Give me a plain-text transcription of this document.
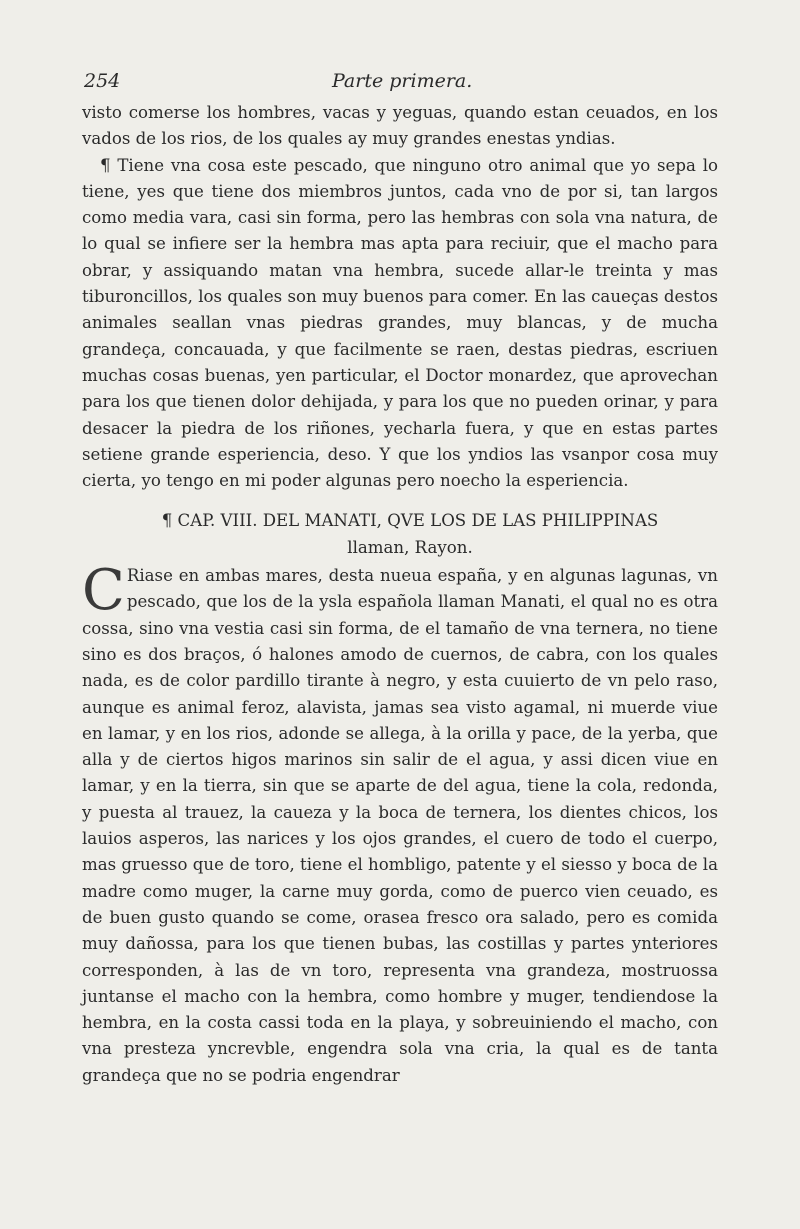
254	Parte primera.

visto comerse los hombres, vacas y yeguas, quando estan ceuados, en los vados de los rios, de los quales ay muy grandes enestas yndias.

¶ Tiene vna cosa este pescado, que ninguno otro animal que yo sepa lo tiene, yes que tiene dos miembros juntos, cada vno de por si, tan largos como media vara, casi sin forma, pero las hembras con sola vna natura, de lo qual se infiere ser la hembra mas apta para reciuir, que el macho para obrar, y assiquando matan vna hembra, sucede allar-le treinta y mas tiburoncillos, los quales son muy buenos para comer. En las caueças destos animales seallan vnas piedras grandes, muy blancas, y de mucha grandeça, concauada, y que facilmente se raen, destas piedras, escriuen muchas cosas buenas, yen particular, el Doctor monardez, que aprovechan para los que tienen dolor dehijada, y para los que no pueden orinar, y para desacer la piedra de los riñones, yecharla fuera, y que en estas partes setiene grande esperiencia, deso. Y que los yndios las vsanpor cosa muy cierta, yo tengo en mi poder algunas pero noecho la esperiencia.

¶ CAP. VIII. DEL MANATI, QVE LOS DE LAS PHILIPPINAS
llaman, Rayon.

C Riase en ambas mares, desta nueua españa, y en algunas lagunas, vn pescado, que los de la ysla española llaman Manati, el qual no es otra cossa, sino vna vestia casi sin forma, de el tamaño de vna ternera, no tiene sino es dos braços, ó halones amodo de cuernos, de cabra, con los quales nada, es de color pardillo tirante à negro, y esta cuuierto de vn pelo raso, aunque es animal feroz, alavista, jamas sea visto agamal, ni muerde viue en lamar, y en los rios, adonde se allega, à la orilla y pace, de la yerba, que alla y de ciertos higos marinos sin salir de el agua, y assi dicen viue en lamar, y en la tierra, sin que se aparte de del agua, tiene la cola, redonda, y puesta al trauez, la caueza y la boca de ternera, los dientes chicos, los lauios asperos, las narices y los ojos grandes, el cuero de todo el cuerpo, mas gruesso que de toro, tiene el hombligo, patente y el siesso y boca de la madre como muger, la carne muy gorda, como de puerco vien ceuado, es de buen gusto quando se come, orasea fresco ora salado, pero es comida muy dañossa, para los que tienen bubas, las costillas y partes ynteriores corresponden, à las de vn toro, representa vna grandeza, mostruossa juntanse el macho con la hembra, como hombre y muger, tendiendose la hembra, en la costa cassi toda en la playa, y sobreuiniendo el macho, con vna presteza yncrevble, engendra sola vna cria, la qual es de tanta grandeça que no se podria engendrar
